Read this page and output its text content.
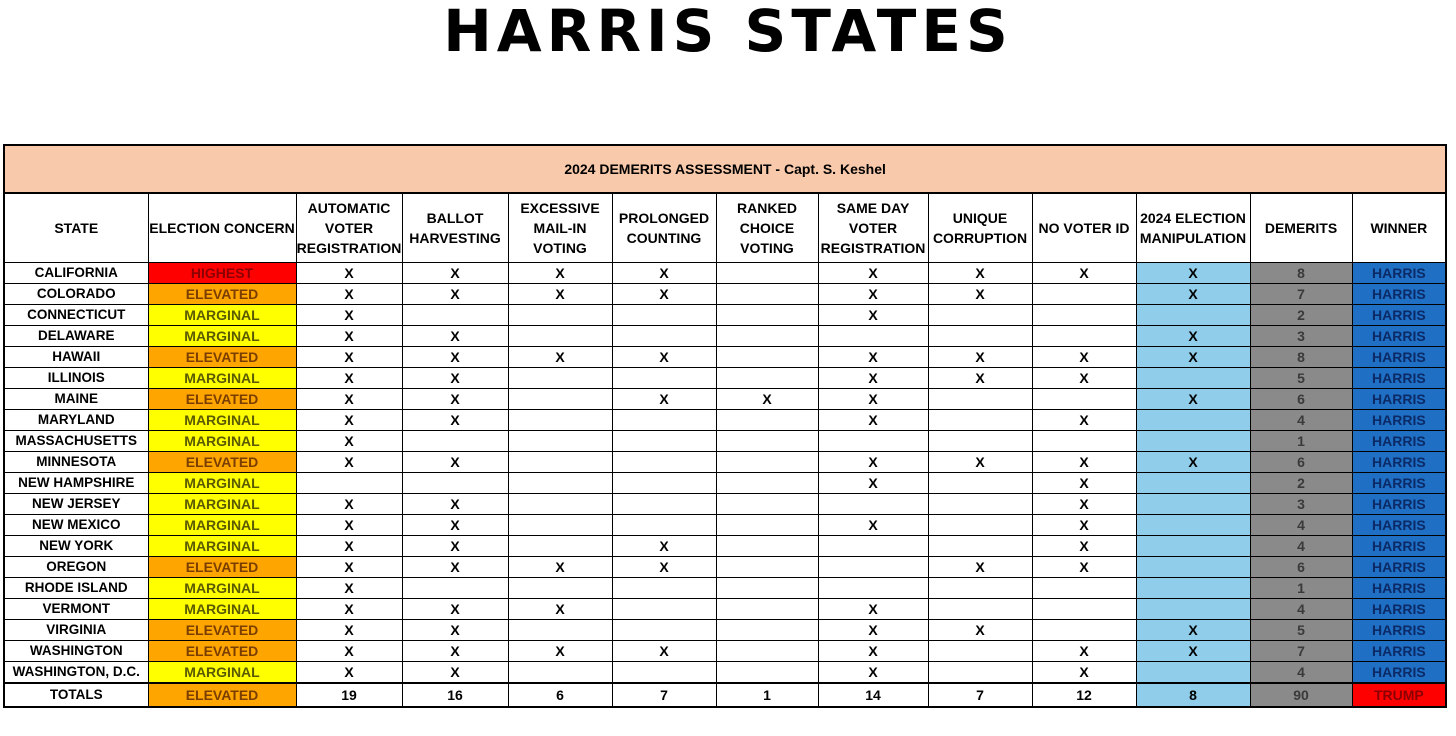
HARRIS STATES
2024 DEMERITS ASSESSMENT - Capt. S. Keshel												
STATE	ELECTION CONCERN	AUTOMATIC VOTER REGISTRATION	BALLOT HARVESTING	EXCESSIVE MAIL-IN VOTING	PROLONGED COUNTING	RANKED CHOICE VOTING	SAME DAY VOTER REGISTRATION	UNIQUE CORRUPTION	NO VOTER ID	2024 ELECTION MANIPULATION	DEMERITS	WINNER
CALIFORNIA	HIGHEST	X	X	X	X		X	X	X	X	8	HARRIS
COLORADO	ELEVATED	X	X	X	X		X	X		X	7	HARRIS
CONNECTICUT	MARGINAL	X					X				2	HARRIS
DELAWARE	MARGINAL	X	X							X	3	HARRIS
HAWAII	ELEVATED	X	X	X	X		X	X	X	X	8	HARRIS
ILLINOIS	MARGINAL	X	X				X	X	X		5	HARRIS
MAINE	ELEVATED	X	X		X	X	X			X	6	HARRIS
MARYLAND	MARGINAL	X	X				X		X		4	HARRIS
MASSACHUSETTS	MARGINAL	X									1	HARRIS
MINNESOTA	ELEVATED	X	X				X	X	X	X	6	HARRIS
NEW HAMPSHIRE	MARGINAL						X		X		2	HARRIS
NEW JERSEY	MARGINAL	X	X						X		3	HARRIS
NEW MEXICO	MARGINAL	X	X				X		X		4	HARRIS
NEW YORK	MARGINAL	X	X		X				X		4	HARRIS
OREGON	ELEVATED	X	X	X	X			X	X		6	HARRIS
RHODE ISLAND	MARGINAL	X									1	HARRIS
VERMONT	MARGINAL	X	X	X			X				4	HARRIS
VIRGINIA	ELEVATED	X	X				X	X		X	5	HARRIS
WASHINGTON	ELEVATED	X	X	X	X		X		X	X	7	HARRIS
WASHINGTON, D.C.	MARGINAL	X	X				X		X		4	HARRIS
TOTALS	ELEVATED	19	16	6	7	1	14	7	12	8	90	TRUMP
